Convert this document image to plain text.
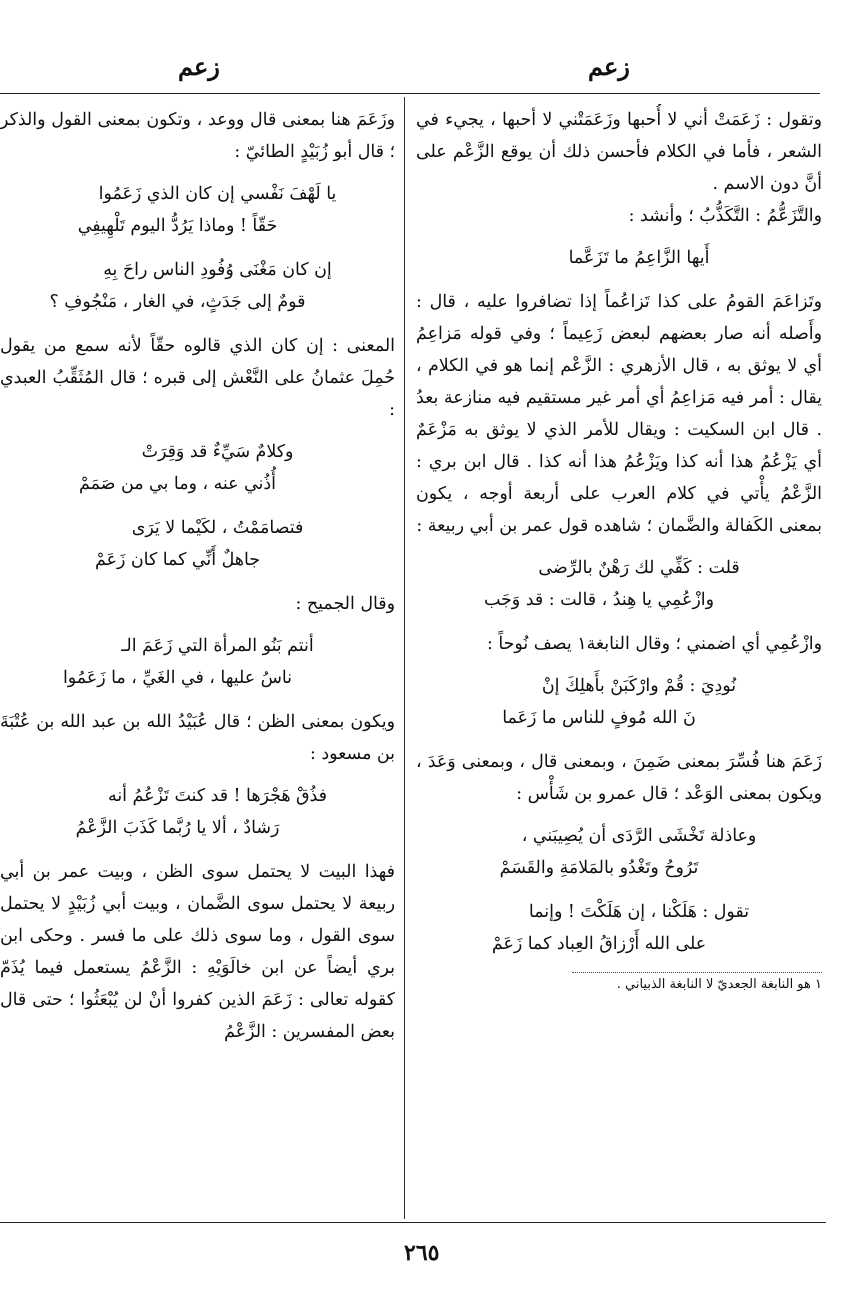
زعم
زعم

وتقول : زَعَمَتْ أني لا أُحبها وزَعَمَتْني لا أحبها ، يجيء في الشعر ، فأما في الكلام فأحسن ذلك أن يوقع الزَّعْم على أنَّ دون الاسم .

والتَّزَعُّمُ : التَّكَذُّبُ ؛ وأنشد :

أَيها الزَّاعِمُ ما تَزَعَّما

وتَزاعَمَ القومُ على كذا تَزاعُماً إذا تضافروا عليه ، قال : وأَصله أنه صار بعضهم لبعض زَعِيماً ؛ وفي قوله مَزاعِمُ أي لا يوثق به ، قال الأزهري : الزَّعْم إنما هو في الكلام ، يقال : أمر فيه مَزاعِمُ أي أمر غير مستقيم فيه منازعة بعدُ . قال ابن السكيت : ويقال للأمر الذي لا يوثق به مَزْعَمٌ أي يَزْعُمُ هذا أنه كذا ويَزْعُمُ هذا أنه كذا . قال ابن بري : الزَّعْمُ يأْتي في كلام العرب على أربعة أوجه ، يكون بمعنى الكَفالة والضَّمان ؛ شاهده قول عمر بن أبي ربيعة :

قلت : كَفِّي لك رَهْنٌ بالرِّضى
وازْعُمِي يا هِندُ ، قالت : قد وَجَب

وازْعُمِي أي اضمني ؛ وقال النابغة١ يصف نُوحاً :

نُودِيَ : قُمْ وارْكَبَنْ بأَهلِكَ إنْ
نَ الله مُوفٍ للناس ما زَعَما

زَعَمَ هنا فُسِّرَ بمعنى ضَمِنَ ، وبمعنى قال ، وبمعنى وَعَدَ ، ويكون بمعنى الوَعْد ؛ قال عمرو بن شَأْس :

وعاذلة تَخْشَى الرَّدَى أن يُصِيبَني ،
تَرُوحُ وتَغْدُو بالمَلامَةِ والقَسَمْ
تقول : هَلَكْنا ، إن هَلَكْتَ ! وإنما
على الله أَرْزاقُ العِباد كما زَعَمْ

١ هو النابغة الجعديّ لا النابغة الذبياني .

وزَعَمَ هنا بمعنى قال ووعد ، وتكون بمعنى القول والذكر ؛ قال أبو زُبَيْدٍ الطائيّ :

يا لَهْفَ نَفْسي إن كان الذي زَعَمُوا
حَقّاً ! وماذا يَرُدُّ اليوم تَلْهِيفِي
إن كان مَغْنَى وُفُودِ الناس راحَ بِهِ
قومٌ إلى جَدَثٍ، في الغار ، مَنْجُوفِ ؟

المعنى : إن كان الذي قالوه حقّاً لأنه سمع من يقول حُمِلَ عثمانُ على النَّعْش إلى قبره ؛ قال المُثَقِّبُ العبدي :

وكلامٌ سَيِّءٌ قد وَقِرَتْ
أُذُني عنه ، وما بي من صَمَمْ
فتصامَمْتُ ، لكَيْما لا يَرَى
جاهلٌ أَنِّي كما كان زَعَمْ

وقال الجميح :

أنتم بَنُو المرأة التي زَعَمَ الـ
ناسُ عليها ، في الغَيِّ ، ما زَعَمُوا

ويكون بمعنى الظن ؛ قال عُبَيْدُ الله بن عبد الله بن عُتْبَةَ بن مسعود :

فذُقْ هَجْرَها ! قد كنتَ تَزْعُمُ أنه
رَشادٌ ، ألا يا رُبَّما كَذَبَ الزَّعْمُ

فهذا البيت لا يحتمل سوى الظن ، وبيت عمر بن أبي ربيعة لا يحتمل سوى الضَّمان ، وبيت أبي زُبَيْدٍ لا يحتمل سوى القول ، وما سوى ذلك على ما فسر . وحكى ابن بري أيضاً عن ابن خالَوَيْهِ : الزَّعْمُ يستعمل فيما يُذَمّ كقوله تعالى : زَعَمَ الذين كفروا أنْ لن يُبْعَثُوا ؛ حتى قال بعض المفسرين : الزَّعْمُ

٢٦٥
